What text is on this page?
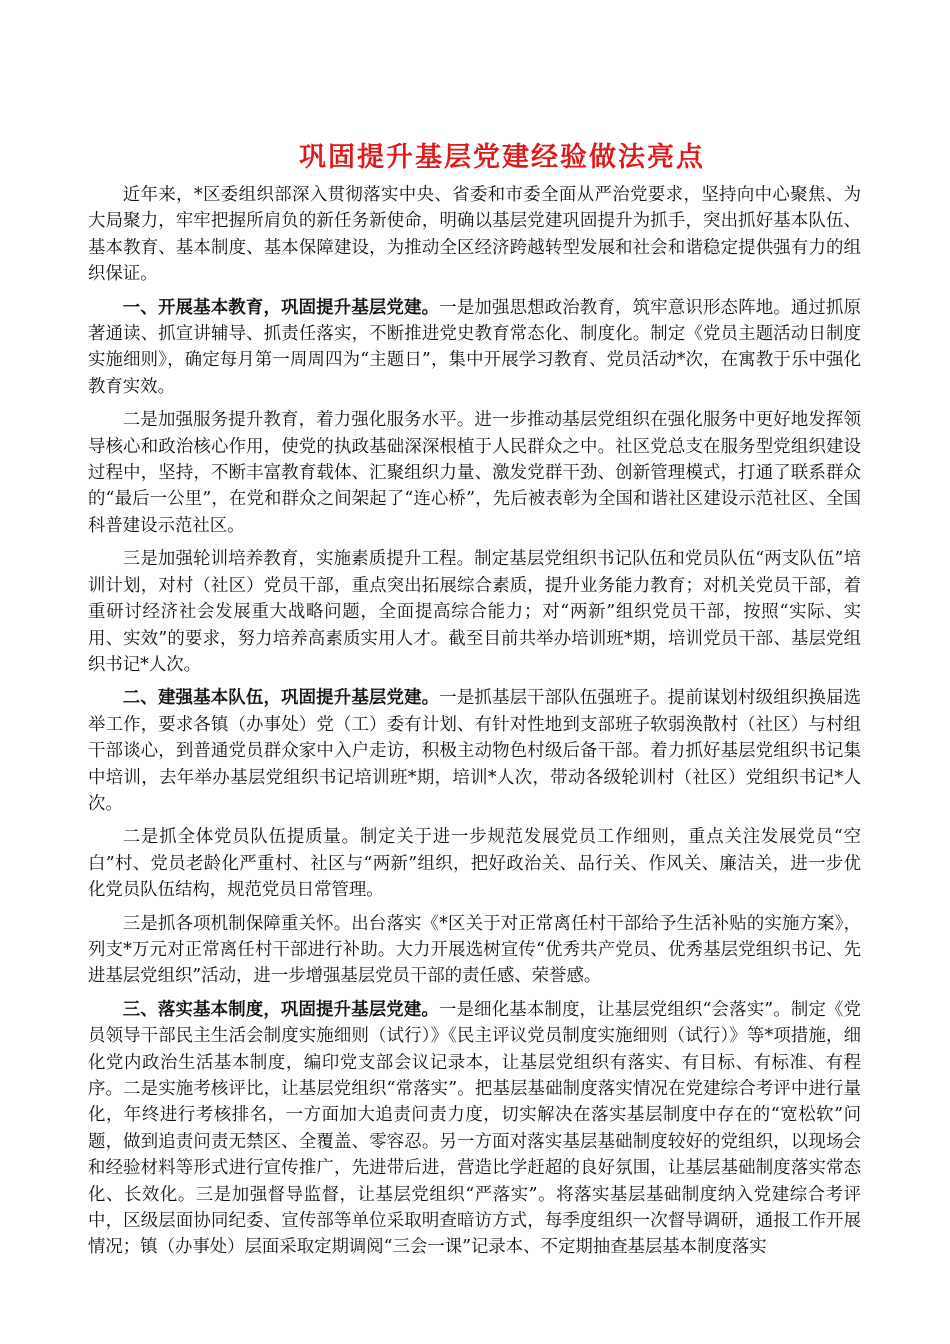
巩固提升基层党建经验做法亮点

近年来，*区委组织部深入贯彻落实中央、省委和市委全面从严治党要求，坚持向中心聚焦、为大局聚力，牢牢把握所肩负的新任务新使命，明确以基层党建巩固提升为抓手，突出抓好基本队伍、基本教育、基本制度、基本保障建设，为推动全区经济跨越转型发展和社会和谐稳定提供强有力的组织保证。

一、开展基本教育，巩固提升基层党建。一是加强思想政治教育，筑牢意识形态阵地。通过抓原著通读、抓宣讲辅导、抓责任落实，不断推进党史教育常态化、制度化。制定《党员主题活动日制度实施细则》，确定每月第一周周四为“主题日”，集中开展学习教育、党员活动*次，在寓教于乐中强化教育实效。

二是加强服务提升教育，着力强化服务水平。进一步推动基层党组织在强化服务中更好地发挥领导核心和政治核心作用，使党的执政基础深深根植于人民群众之中。社区党总支在服务型党组织建设过程中，坚持，不断丰富教育载体、汇聚组织力量、激发党群干劲、创新管理模式，打通了联系群众的“最后一公里”，在党和群众之间架起了“连心桥”，先后被表彰为全国和谐社区建设示范社区、全国科普建设示范社区。

三是加强轮训培养教育，实施素质提升工程。制定基层党组织书记队伍和党员队伍“两支队伍”培训计划，对村（社区）党员干部，重点突出拓展综合素质，提升业务能力教育；对机关党员干部，着重研讨经济社会发展重大战略问题，全面提高综合能力；对“两新”组织党员干部，按照“实际、实用、实效”的要求，努力培养高素质实用人才。截至目前共举办培训班*期，培训党员干部、基层党组织书记*人次。

二、建强基本队伍，巩固提升基层党建。一是抓基层干部队伍强班子。提前谋划村级组织换届选举工作，要求各镇（办事处）党（工）委有计划、有针对性地到支部班子软弱涣散村（社区）与村组干部谈心，到普通党员群众家中入户走访，积极主动物色村级后备干部。着力抓好基层党组织书记集中培训，去年举办基层党组织书记培训班*期，培训*人次，带动各级轮训村（社区）党组织书记*人次。

二是抓全体党员队伍提质量。制定关于进一步规范发展党员工作细则，重点关注发展党员“空白”村、党员老龄化严重村、社区与“两新”组织，把好政治关、品行关、作风关、廉洁关，进一步优化党员队伍结构，规范党员日常管理。

三是抓各项机制保障重关怀。出台落实《*区关于对正常离任村干部给予生活补贴的实施方案》，列支*万元对正常离任村干部进行补助。大力开展选树宣传“优秀共产党员、优秀基层党组织书记、先进基层党组织”活动，进一步增强基层党员干部的责任感、荣誉感。

三、落实基本制度，巩固提升基层党建。一是细化基本制度，让基层党组织“会落实”。制定《党员领导干部民主生活会制度实施细则（试行）》《民主评议党员制度实施细则（试行）》等*项措施，细化党内政治生活基本制度，编印党支部会议记录本，让基层党组织有落实、有目标、有标准、有程序。二是实施考核评比，让基层党组织“常落实”。把基层基础制度落实情况在党建综合考评中进行量化，年终进行考核排名，一方面加大追责问责力度，切实解决在落实基层制度中存在的“宽松软”问题，做到追责问责无禁区、全覆盖、零容忍。另一方面对落实基层基础制度较好的党组织，以现场会和经验材料等形式进行宣传推广，先进带后进，营造比学赶超的良好氛围，让基层基础制度落实常态化、长效化。三是加强督导监督，让基层党组织“严落实”。将落实基层基础制度纳入党建综合考评中，区级层面协同纪委、宣传部等单位采取明查暗访方式，每季度组织一次督导调研，通报工作开展情况；镇（办事处）层面采取定期调阅“三会一课”记录本、不定期抽查基层基本制度落实
